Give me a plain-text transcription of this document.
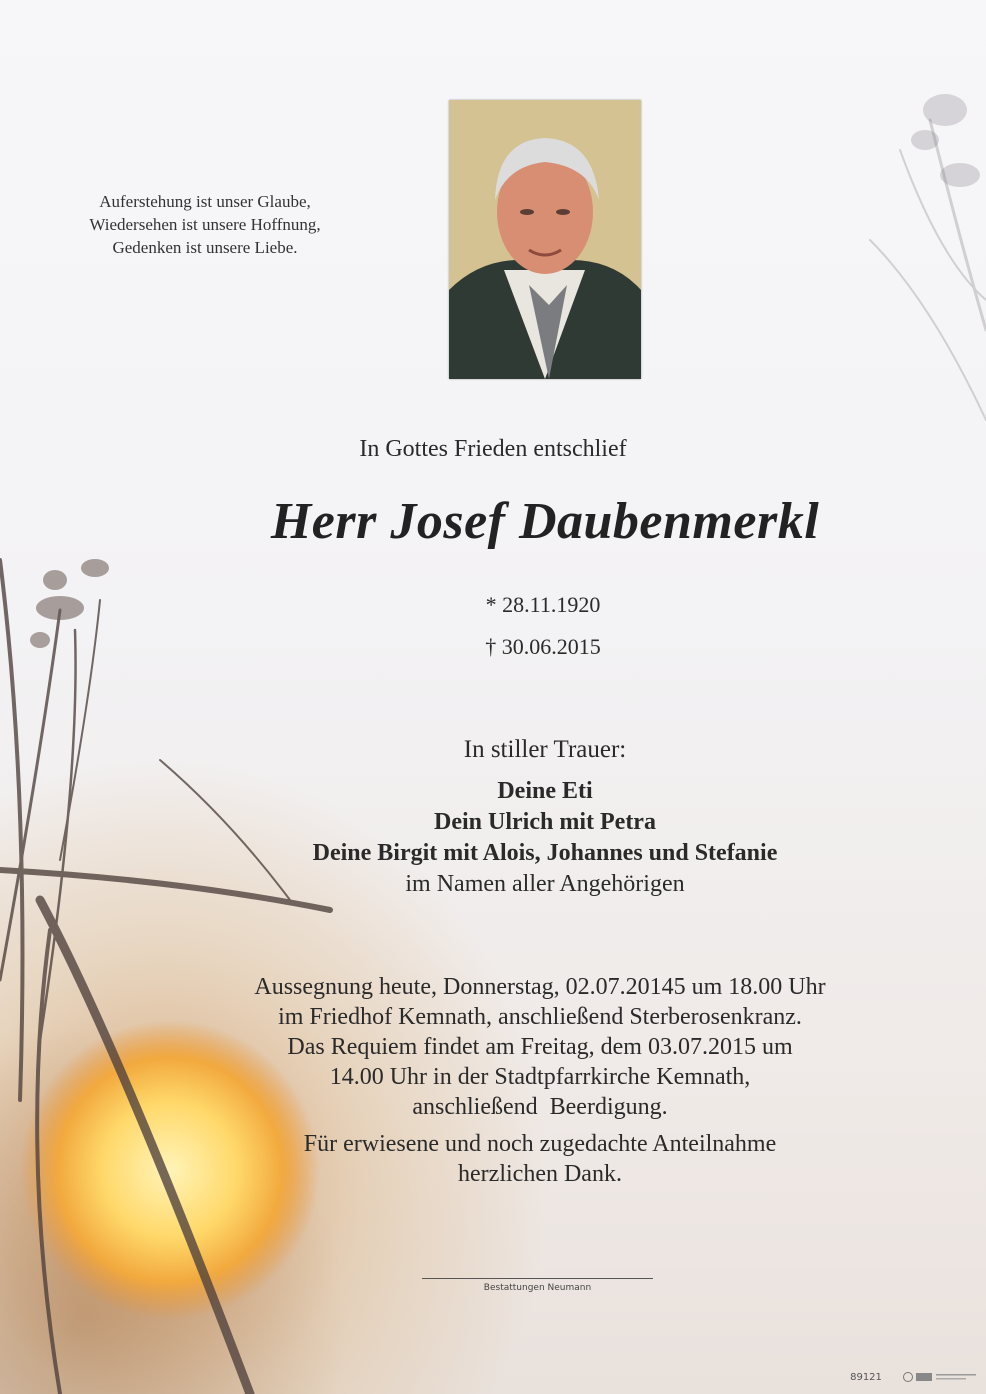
Auferstehung ist unser Glaube,
Wiedersehen ist unsere Hoffnung,
Gedenken ist unsere Liebe.
In Gottes Frieden entschlief
Herr Josef Daubenmerkl
* 28.11.1920
† 30.06.2015
In stiller Trauer:
Deine Eti
Dein Ulrich mit Petra
Deine Birgit mit Alois, Johannes und Stefanie
im Namen aller Angehörigen
Aussegnung heute, Donnerstag, 02.07.20145 um 18.00 Uhr
im Friedhof Kemnath, anschließend Sterberosenkranz.
Das Requiem findet am Freitag, dem 03.07.2015 um
14.00 Uhr in der Stadtpfarrkirche Kemnath,
anschließend  Beerdigung.
Für erwiesene und noch zugedachte Anteilnahme
herzlichen Dank.
Bestattungen Neumann
89121
